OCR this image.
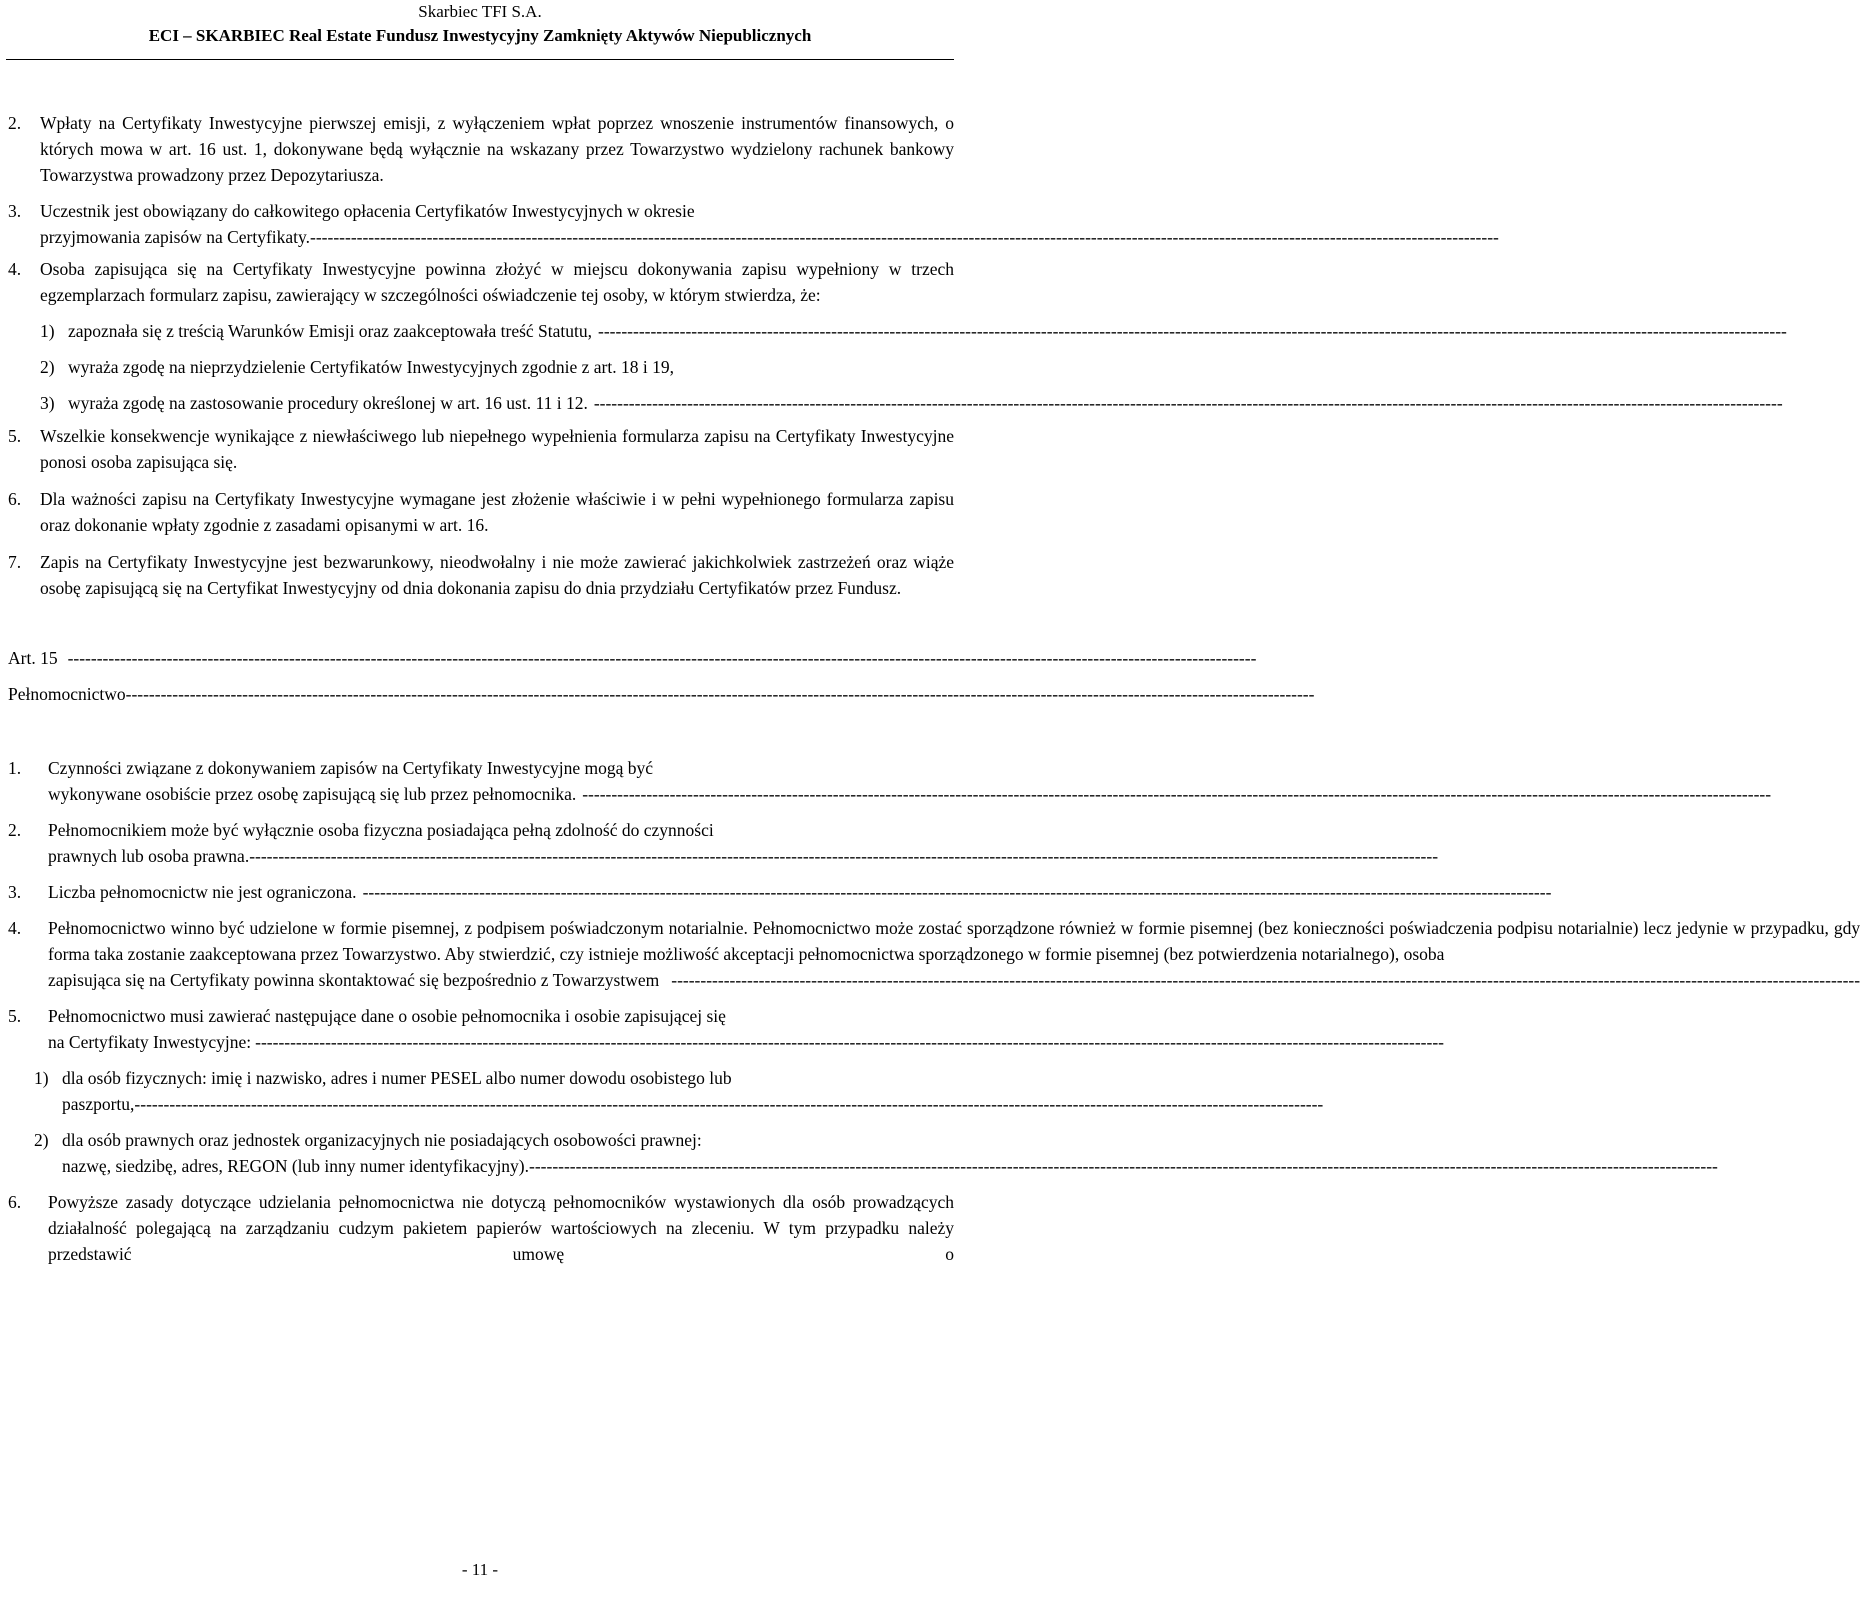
Skarbiec TFI S.A.
ECI – SKARBIEC Real Estate Fundusz Inwestycyjny Zamknięty Aktywów Niepublicznych
2.	Wpłaty na Certyfikaty Inwestycyjne pierwszej emisji, z wyłączeniem wpłat poprzez wnoszenie instrumentów finansowych, o których mowa w art. 16 ust. 1, dokonywane będą wyłącznie na wskazany przez Towarzystwo wydzielony rachunek bankowy Towarzystwa prowadzony przez Depozytariusza.
3.	Uczestnik jest obowiązany do całkowitego opłacenia Certyfikatów Inwestycyjnych w okresie
przyjmowania zapisów na Certyfikaty. ------------------------------------------------------------------------------------------------------------------------------------------------------------------------------------------------------------
4.	Osoba zapisująca się na Certyfikaty Inwestycyjne powinna złożyć w miejscu dokonywania zapisu wypełniony w trzech egzemplarzach formularz zapisu, zawierający w szczególności oświadczenie tej osoby, w którym stwierdza, że:
1) zapoznała się z treścią Warunków Emisji oraz zaakceptowała treść Statutu, ------------------------------------------------------------------------------------------------------------------------------------------------------------------------------------------------------------
2) wyraża zgodę na nieprzydzielenie Certyfikatów Inwestycyjnych zgodnie z art. 18 i 19,
3) wyraża zgodę na zastosowanie procedury określonej w art. 16 ust. 11 i 12. ------------------------------------------------------------------------------------------------------------------------------------------------------------------------------------------------------------
5.	Wszelkie konsekwencje wynikające z niewłaściwego lub niepełnego wypełnienia formularza zapisu na Certyfikaty Inwestycyjne ponosi osoba zapisująca się.
6.	Dla ważności zapisu na Certyfikaty Inwestycyjne wymagane jest złożenie właściwie i w pełni wypełnionego formularza zapisu oraz dokonanie wpłaty zgodnie z zasadami opisanymi w art. 16.
7.	Zapis na Certyfikaty Inwestycyjne jest bezwarunkowy, nieodwołalny i nie może zawierać jakichkolwiek zastrzeżeń oraz wiąże osobę zapisującą się na Certyfikat Inwestycyjny od dnia dokonania zapisu do dnia przydziału Certyfikatów przez Fundusz.
Art. 15 ------------------------------------------------------------------------------------------------------------------------------------------------------------------------------------------------------------
Pełnomocnictwo ------------------------------------------------------------------------------------------------------------------------------------------------------------------------------------------------------------
1.	Czynności związane z dokonywaniem zapisów na Certyfikaty Inwestycyjne mogą być
wykonywane osobiście przez osobę zapisującą się lub przez pełnomocnika. ------------------------------------------------------------------------------------------------------------------------------------------------------------------------------------------------------------
2.	Pełnomocnikiem może być wyłącznie osoba fizyczna posiadająca pełną zdolność do czynności
prawnych lub osoba prawna. ------------------------------------------------------------------------------------------------------------------------------------------------------------------------------------------------------------
3.	Liczba pełnomocnictw nie jest ograniczona. ------------------------------------------------------------------------------------------------------------------------------------------------------------------------------------------------------------
4.	Pełnomocnictwo winno być udzielone w formie pisemnej, z podpisem poświadczonym notarialnie. Pełnomocnictwo może zostać sporządzone również w formie pisemnej (bez konieczności poświadczenia podpisu notarialnie) lecz jedynie w przypadku, gdy forma taka zostanie zaakceptowana przez Towarzystwo. Aby stwierdzić, czy istnieje możliwość akceptacji pełnomocnictwa sporządzonego w formie pisemnej (bez potwierdzenia notarialnego), osoba
zapisująca się na Certyfikaty powinna skontaktować się bezpośrednio z Towarzystwem ------------------------------------------------------------------------------------------------------------------------------------------------------------------------------------------------------------
5.	Pełnomocnictwo musi zawierać następujące dane o osobie pełnomocnika i osobie zapisującej się
na Certyfikaty Inwestycyjne: ------------------------------------------------------------------------------------------------------------------------------------------------------------------------------------------------------------
1) dla osób fizycznych: imię i nazwisko, adres i numer PESEL albo numer dowodu osobistego lub
paszportu, ------------------------------------------------------------------------------------------------------------------------------------------------------------------------------------------------------------
2) dla osób prawnych oraz jednostek organizacyjnych nie posiadających osobowości prawnej:
nazwę, siedzibę, adres, REGON (lub inny numer identyfikacyjny). ------------------------------------------------------------------------------------------------------------------------------------------------------------------------------------------------------------
6.	Powyższe zasady dotyczące udzielania pełnomocnictwa nie dotyczą pełnomocników wystawionych dla osób prowadzących działalność polegającą na zarządzaniu cudzym pakietem papierów wartościowych na zleceniu. W tym przypadku należy przedstawić umowę o
- 11 -
